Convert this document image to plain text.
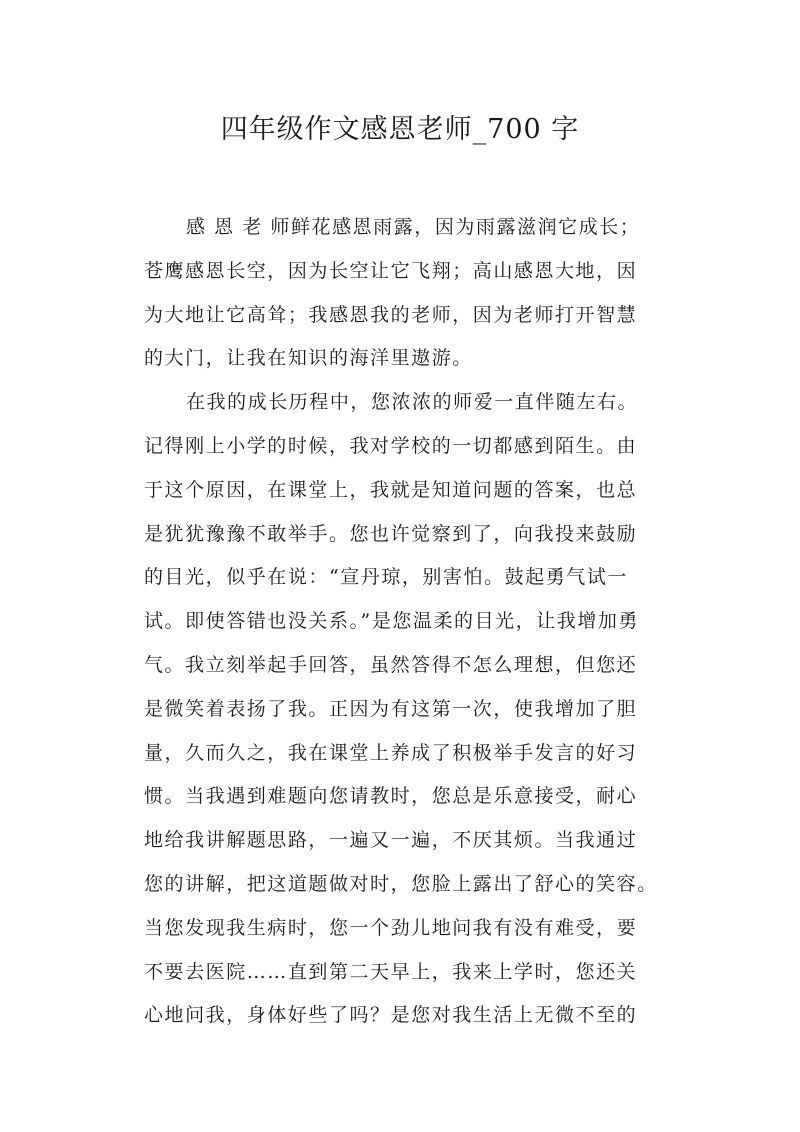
四年级作文感恩老师_700 字
感 恩 老 师鲜花感恩雨露，因为雨露滋润它成长；
苍鹰感恩长空，因为长空让它飞翔；高山感恩大地，因
为大地让它高耸；我感恩我的老师，因为老师打开智慧
的大门，让我在知识的海洋里遨游。
在我的成长历程中，您浓浓的师爱一直伴随左右。
记得刚上小学的时候，我对学校的一切都感到陌生。由
于这个原因，在课堂上，我就是知道问题的答案，也总
是犹犹豫豫不敢举手。您也许觉察到了，向我投来鼓励
的目光，似乎在说：“宣丹琼，别害怕。鼓起勇气试一
试。即使答错也没关系。”是您温柔的目光，让我增加勇
气。我立刻举起手回答，虽然答得不怎么理想，但您还
是微笑着表扬了我。正因为有这第一次，使我增加了胆
量，久而久之，我在课堂上养成了积极举手发言的好习
惯。当我遇到难题向您请教时，您总是乐意接受，耐心
地给我讲解题思路，一遍又一遍，不厌其烦。当我通过
您的讲解，把这道题做对时，您脸上露出了舒心的笑容。
当您发现我生病时，您一个劲儿地问我有没有难受，要
不要去医院……直到第二天早上，我来上学时，您还关
心地问我，身体好些了吗？是您对我生活上无微不至的
